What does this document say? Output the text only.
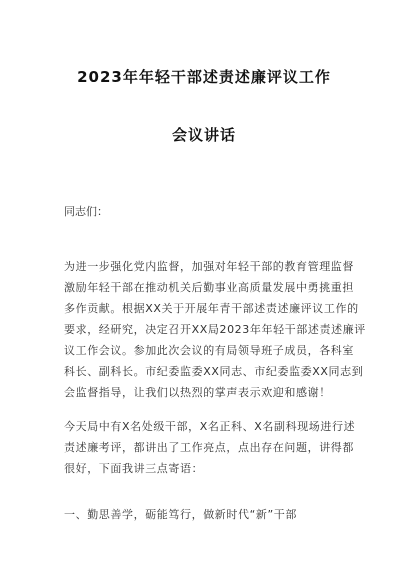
2023年年轻干部述责述廉评议工作
会议讲话
同志们：
为进一步强化党内监督，加强对年轻干部的教育管理监督
激励年轻干部在推动机关后勤事业高质量发展中勇挑重担
多作贡献。根据XX关于开展年青干部述责述廉评议工作的
要求，经研究，决定召开XX局2023年年轻干部述责述廉评
议工作会议。参加此次会议的有局领导班子成员，各科室
科长、副科长。市纪委监委XX同志、市纪委监委XX同志到
会监督指导，让我们以热烈的掌声表示欢迎和感谢！
今天局中有X名处级干部，X名正科、X名副科现场进行述
责述廉考评，都讲出了工作亮点，点出存在问题，讲得都
很好，下面我讲三点寄语：
一、勤思善学，砺能笃行，做新时代“新”干部
